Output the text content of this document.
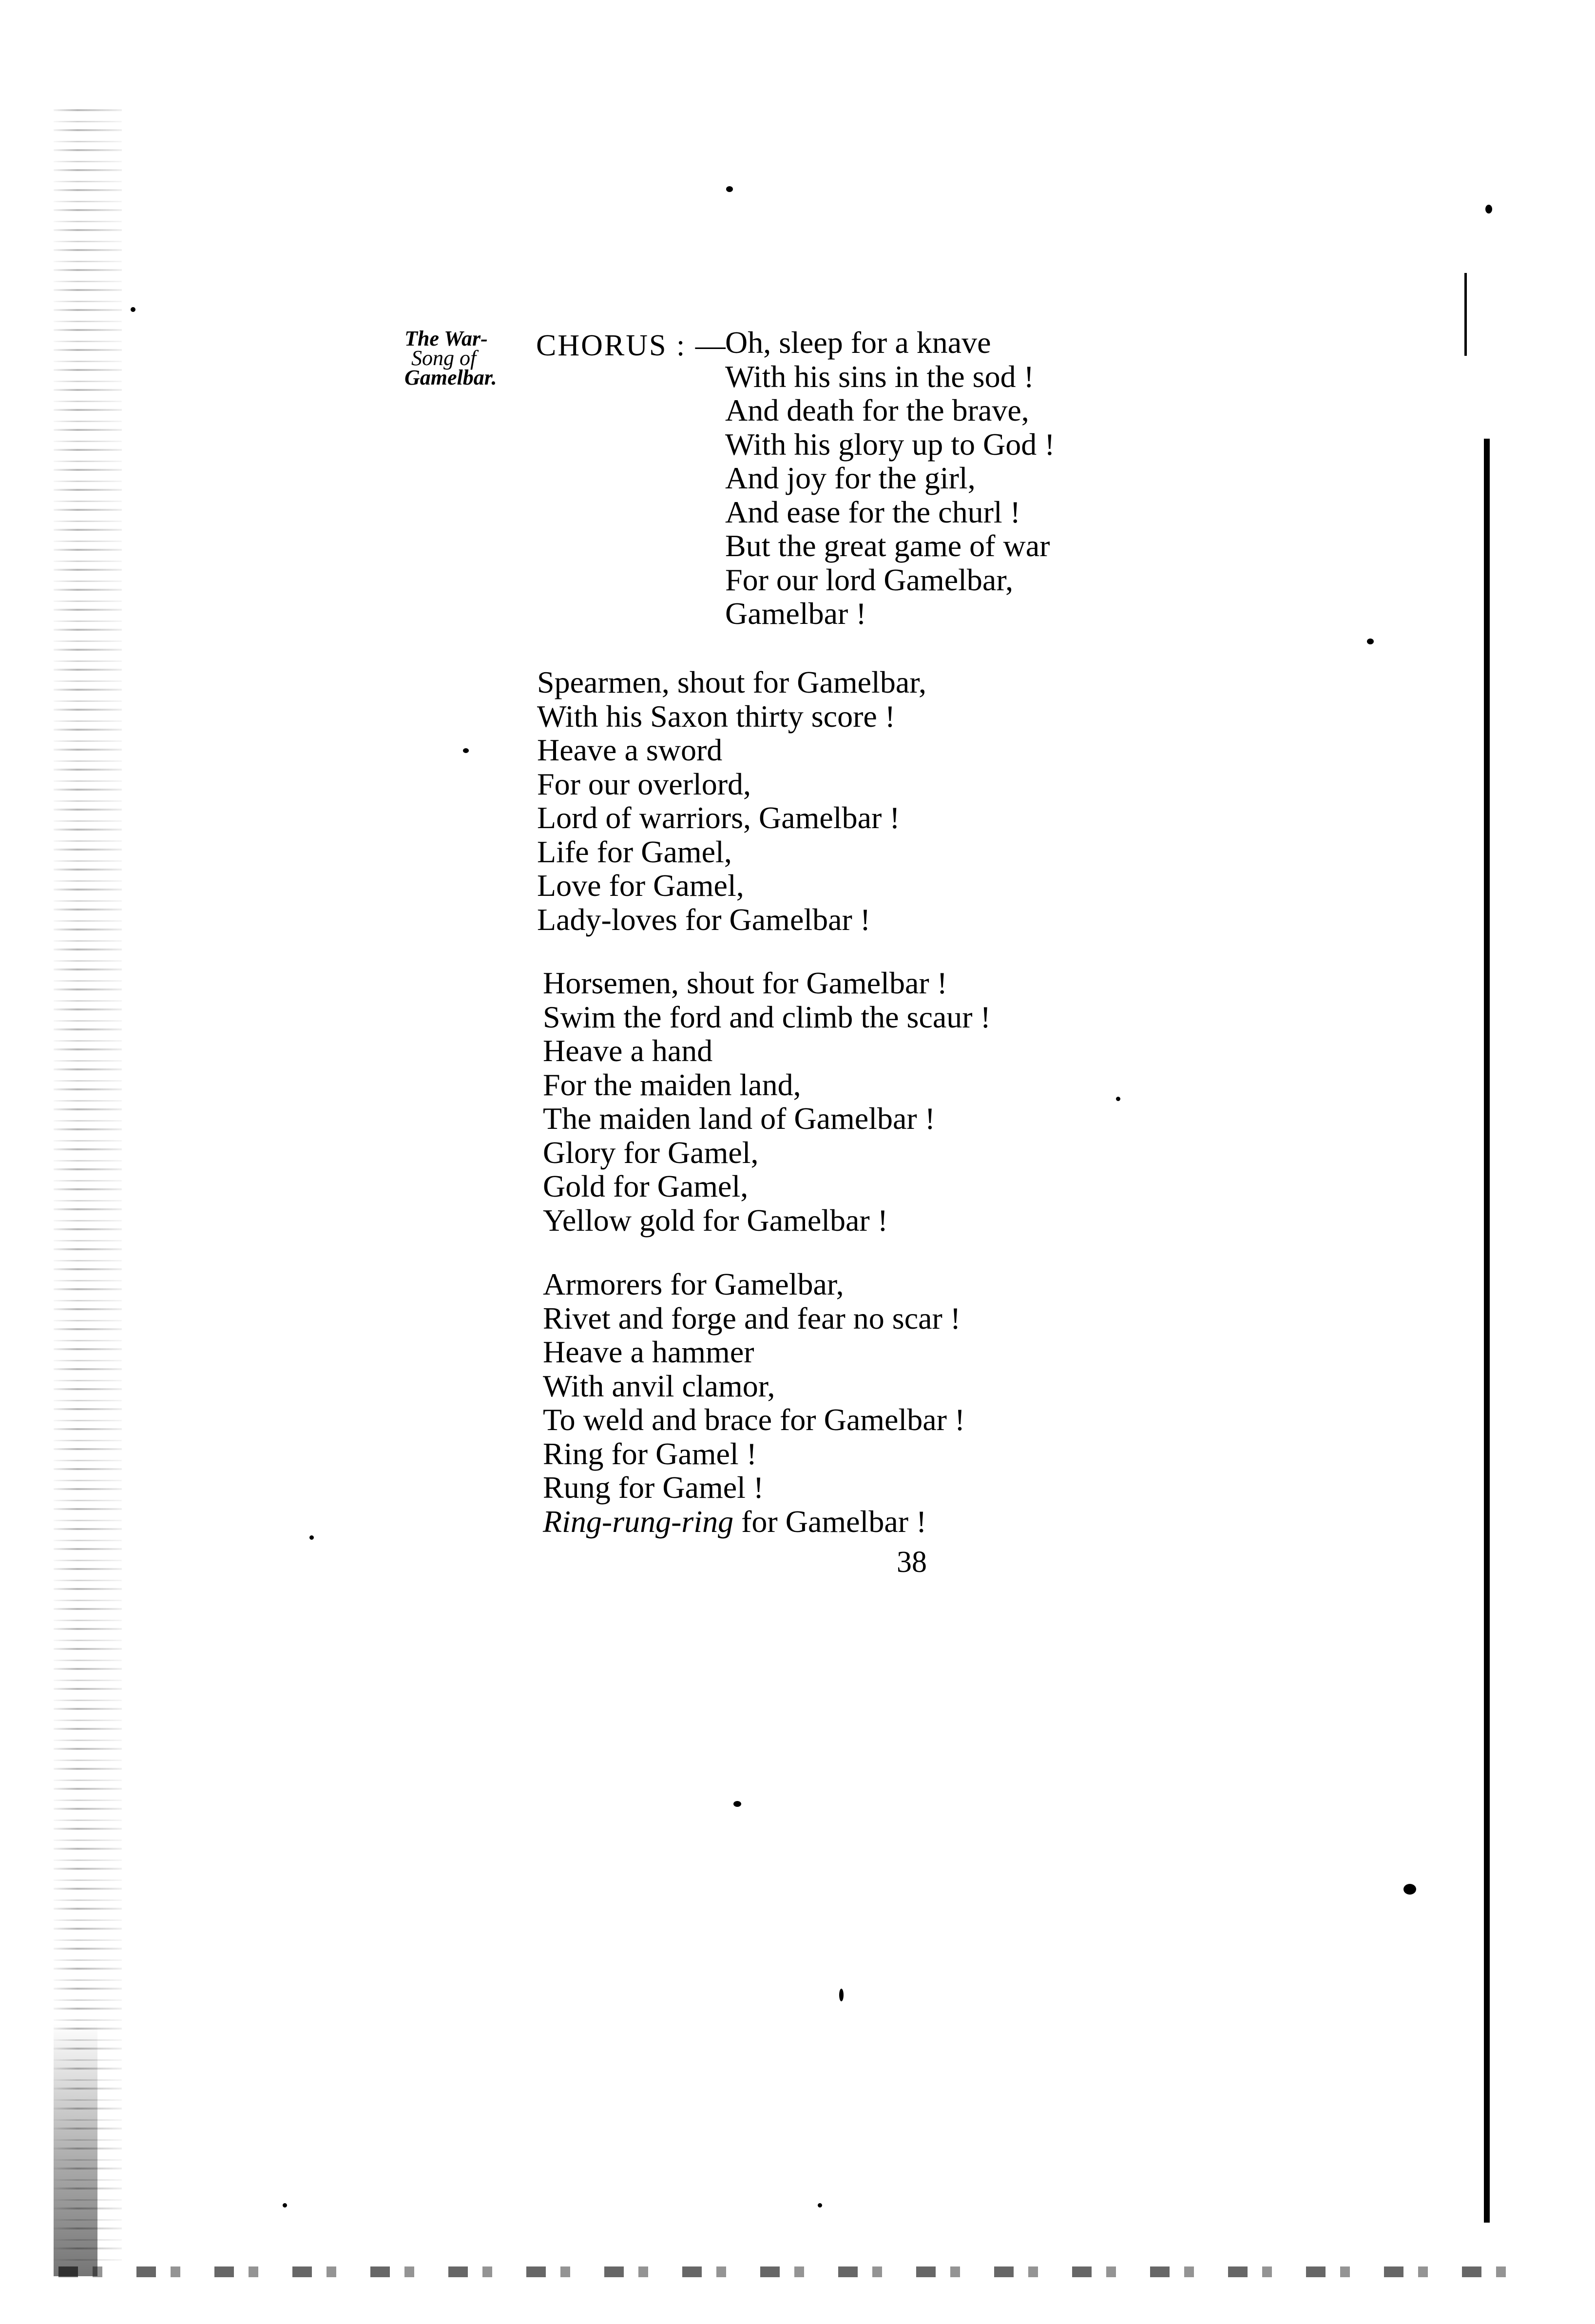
The War-
Song of
Gamelbar.
CHORUS : —
Oh, sleep for a knave
With his sins in the sod !
And death for the brave,
With his glory up to God !
And joy for the girl,
And ease for the churl !
But the great game of war
For our lord Gamelbar,
Gamelbar !
Spearmen, shout for Gamelbar,
With his Saxon thirty score !
Heave a sword
For our overlord,
Lord of warriors, Gamelbar !
Life for Gamel,
Love for Gamel,
Lady-loves for Gamelbar !
Horsemen, shout for Gamelbar !
Swim the ford and climb the scaur !
Heave a hand
For the maiden land,
The maiden land of Gamelbar !
Glory for Gamel,
Gold for Gamel,
Yellow gold for Gamelbar !
Armorers for Gamelbar,
Rivet and forge and fear no scar !
Heave a hammer
With anvil clamor,
To weld and brace for Gamelbar !
Ring for Gamel !
Rung for Gamel !
Ring-rung-ring for Gamelbar !
38
